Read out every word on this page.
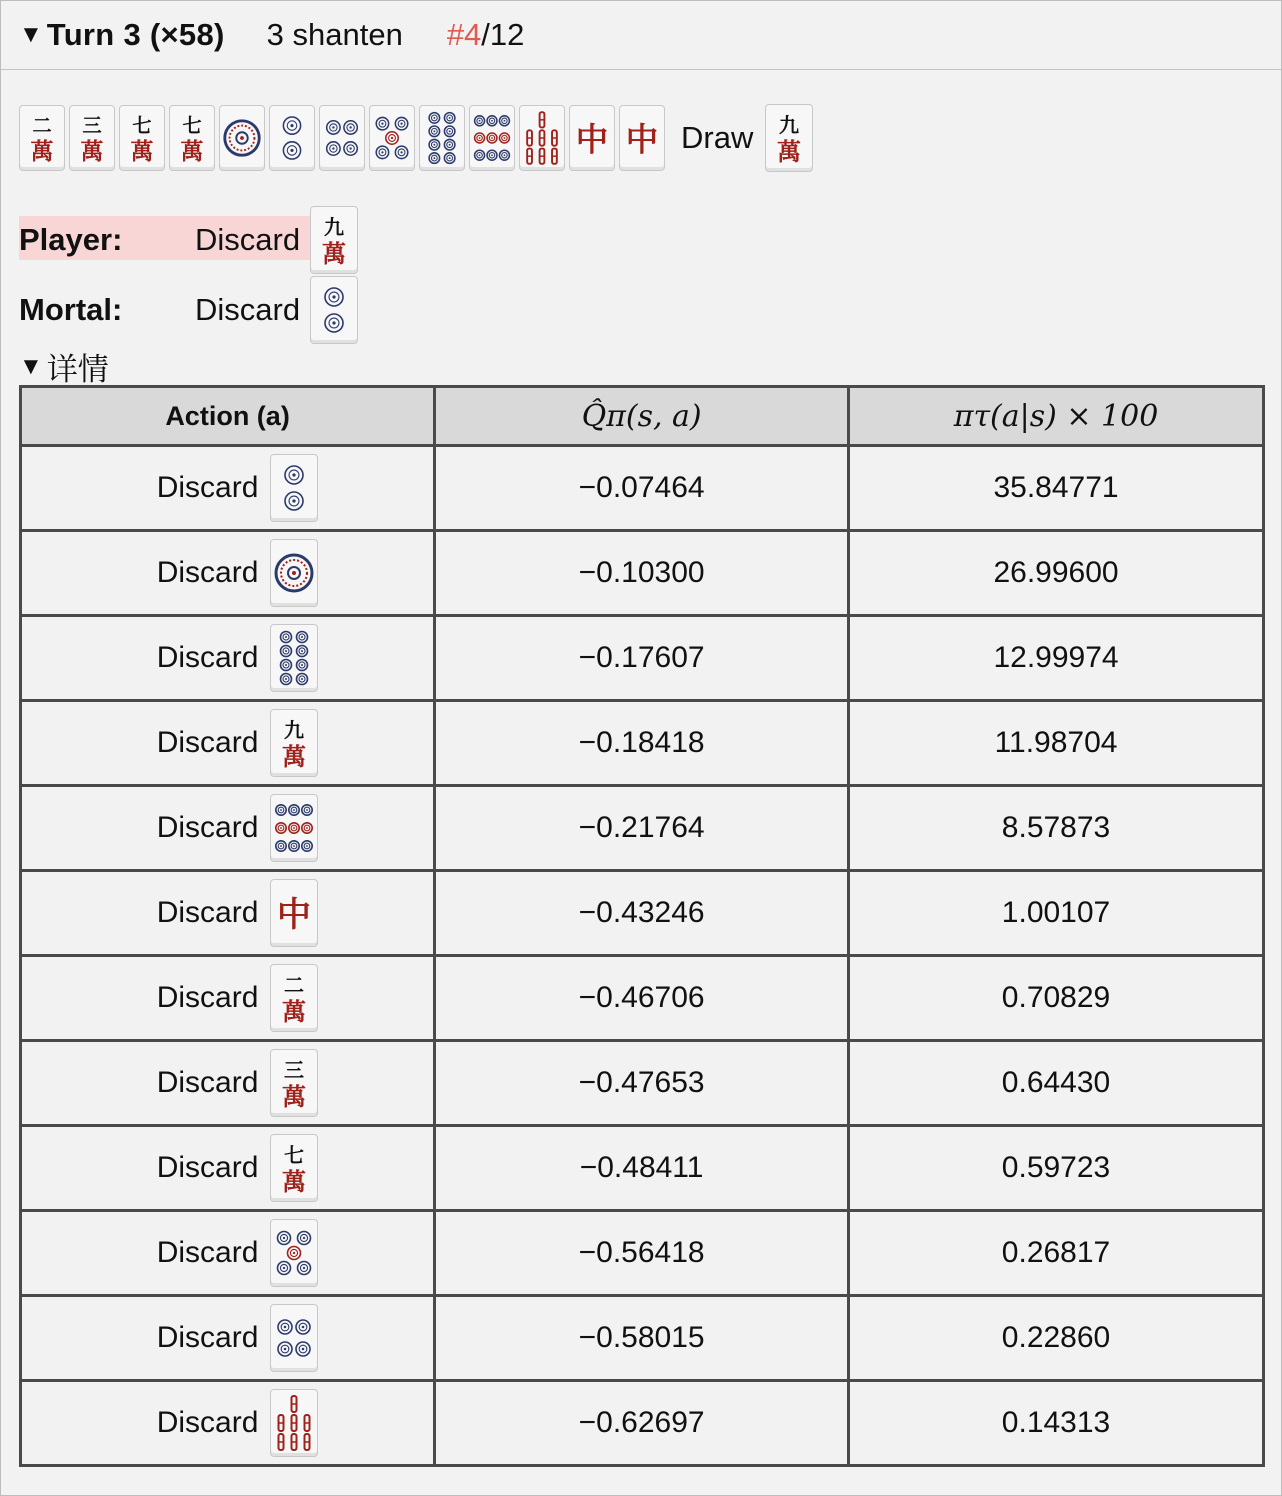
▼ Turn 3 (×58) 3 shanten #4/12
二
萬
三
萬
七
萬
七
萬	中 中 Draw 九
萬
Player:	Discard 九
萬
Mortal:	Discard
▼ 详情
Action (a)	Q̂π(s, a)	πτ(a|s) × 100

Discard	−0.07464	35.84771

Discard	−0.10300	26.99600

Discard	−0.17607	12.99974

Discard 九
萬	−0.18418	11.98704

Discard	−0.21764	8.57873

Discard 中	−0.43246	1.00107

Discard 二
萬	−0.46706	0.70829

Discard 三
萬	−0.47653	0.64430

Discard 七
萬	−0.48411	0.59723

Discard	−0.56418	0.26817

Discard	−0.58015	0.22860

Discard	−0.62697	0.14313
